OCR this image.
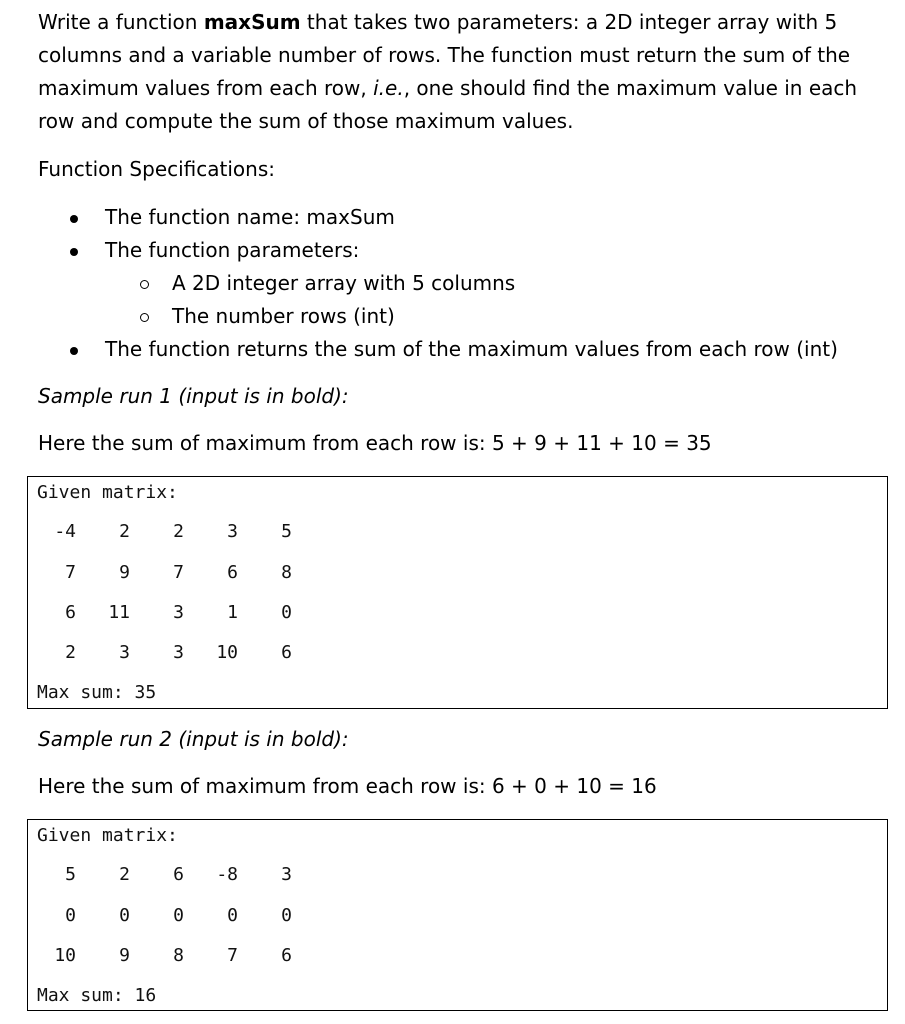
Write a function maxSum that takes two parameters: a 2D integer array with 5 columns and a variable number of rows. The function must return the sum of the maximum values from each row, i.e., one should find the maximum value in each row and compute the sum of those maximum values.

Function Specifications:

The function name: maxSum
The function parameters:
A 2D integer array with 5 columns
The number rows (int)
The function returns the sum of the maximum values from each row (int)

Sample run 1 (input is in bold):

Here the sum of maximum from each row is: 5 + 9 + 11 + 10 = 35

Given matrix:
-4	2	2	3	5
7	9	7	6	8
6	11	3	1	0
2	3	3	10	6
Max sum: 35

Sample run 2 (input is in bold):

Here the sum of maximum from each row is: 6 + 0 + 10 = 16

Given matrix:
5	2	6	-8	3
0	0	0	0	0
10	9	8	7	6
Max sum: 16
